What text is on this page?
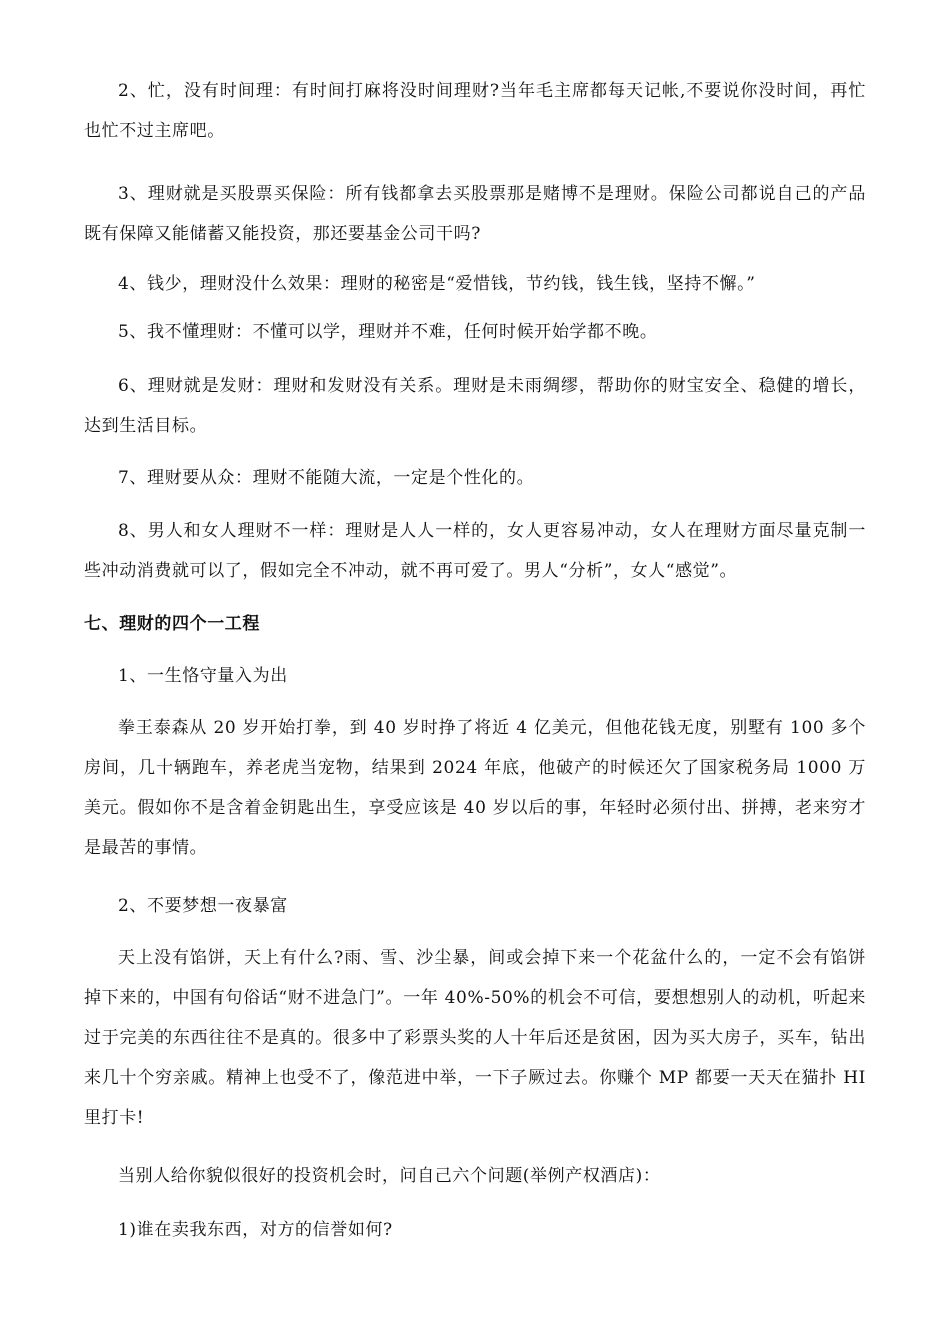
2、忙，没有时间理：有时间打麻将没时间理财?当年毛主席都每天记帐,不要说你没时间，再忙也忙不过主席吧。

3、理财就是买股票买保险：所有钱都拿去买股票那是赌博不是理财。保险公司都说自己的产品既有保障又能储蓄又能投资，那还要基金公司干吗?

4、钱少，理财没什么效果：理财的秘密是“爱惜钱，节约钱，钱生钱，坚持不懈。”

5、我不懂理财：不懂可以学，理财并不难，任何时候开始学都不晚。

6、理财就是发财：理财和发财没有关系。理财是未雨绸缪，帮助你的财宝安全、稳健的增长，达到生活目标。

7、理财要从众：理财不能随大流，一定是个性化的。

8、男人和女人理财不一样：理财是人人一样的，女人更容易冲动，女人在理财方面尽量克制一些冲动消费就可以了，假如完全不冲动，就不再可爱了。男人“分析”，女人“感觉”。

七、理财的四个一工程

1、一生恪守量入为出

拳王泰森从 20 岁开始打拳，到 40 岁时挣了将近 4 亿美元，但他花钱无度，别墅有 100 多个房间，几十辆跑车，养老虎当宠物，结果到 2024 年底，他破产的时候还欠了国家税务局 1000 万美元。假如你不是含着金钥匙出生，享受应该是 40 岁以后的事，年轻时必须付出、拼搏，老来穷才是最苦的事情。

2、不要梦想一夜暴富

天上没有馅饼，天上有什么?雨、雪、沙尘暴，间或会掉下来一个花盆什么的，一定不会有馅饼掉下来的，中国有句俗话“财不进急门”。一年 40%-50%的机会不可信，要想想别人的动机，听起来过于完美的东西往往不是真的。很多中了彩票头奖的人十年后还是贫困，因为买大房子，买车，钻出来几十个穷亲戚。精神上也受不了，像范进中举，一下子厥过去。你赚个 MP 都要一天天在猫扑 HI 里打卡!

当别人给你貌似很好的投资机会时，问自己六个问题(举例产权酒店)：

1)谁在卖我东西，对方的信誉如何?
